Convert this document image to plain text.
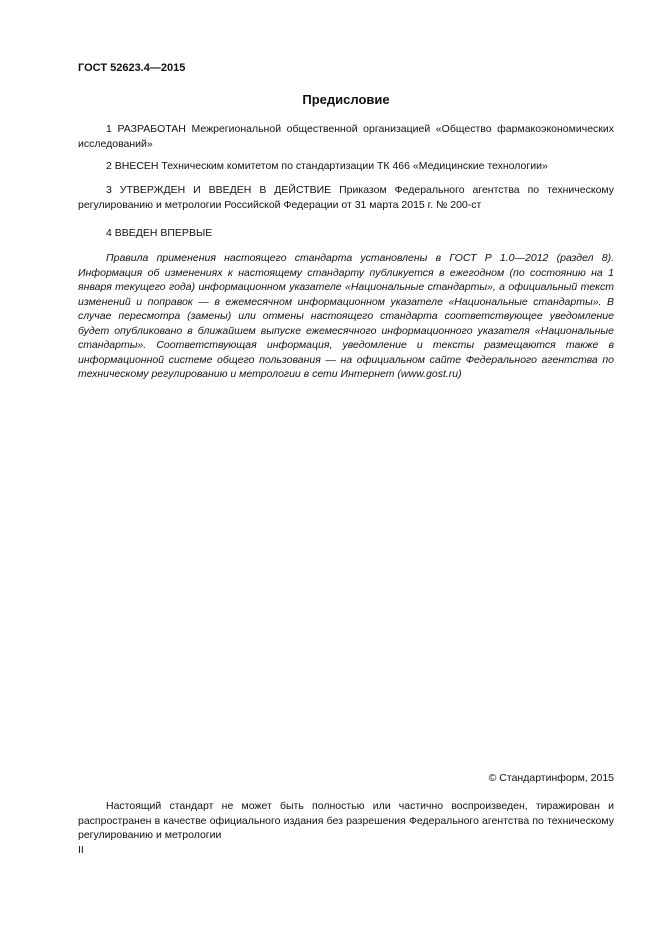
ГОСТ 52623.4—2015
Предисловие
1 РАЗРАБОТАН Межрегиональной общественной организацией «Общество фармакоэкономических исследований»
2 ВНЕСЕН Техническим комитетом по стандартизации ТК 466 «Медицинские технологии»
3 УТВЕРЖДЕН И ВВЕДЕН В ДЕЙСТВИЕ Приказом Федерального агентства по техническому регулированию и метрологии Российской Федерации от 31 марта 2015 г. № 200-ст
4 ВВЕДЕН ВПЕРВЫЕ
Правила применения настоящего стандарта установлены в ГОСТ Р 1.0—2012 (раздел 8). Информация об изменениях к настоящему стандарту публикуется в ежегодном (по состоянию на 1 января текущего года) информационном указателе «Национальные стандарты», а официальный текст изменений и поправок — в ежемесячном информационном указателе «Национальные стандарты». В случае пересмотра (замены) или отмены настоящего стандарта соответствующее уведомление будет опубликовано в ближайшем выпуске ежемесячного информационного указателя «Национальные стандарты». Соответствующая информация, уведомление и тексты размещаются также в информационной системе общего пользования — на официальном сайте Федерального агентства по техническому регулированию и метрологии в сети Интернет (www.gost.ru)
© Стандартинформ, 2015
Настоящий стандарт не может быть полностью или частично воспроизведен, тиражирован и распространен в качестве официального издания без разрешения Федерального агентства по техническому регулированию и метрологии
II
